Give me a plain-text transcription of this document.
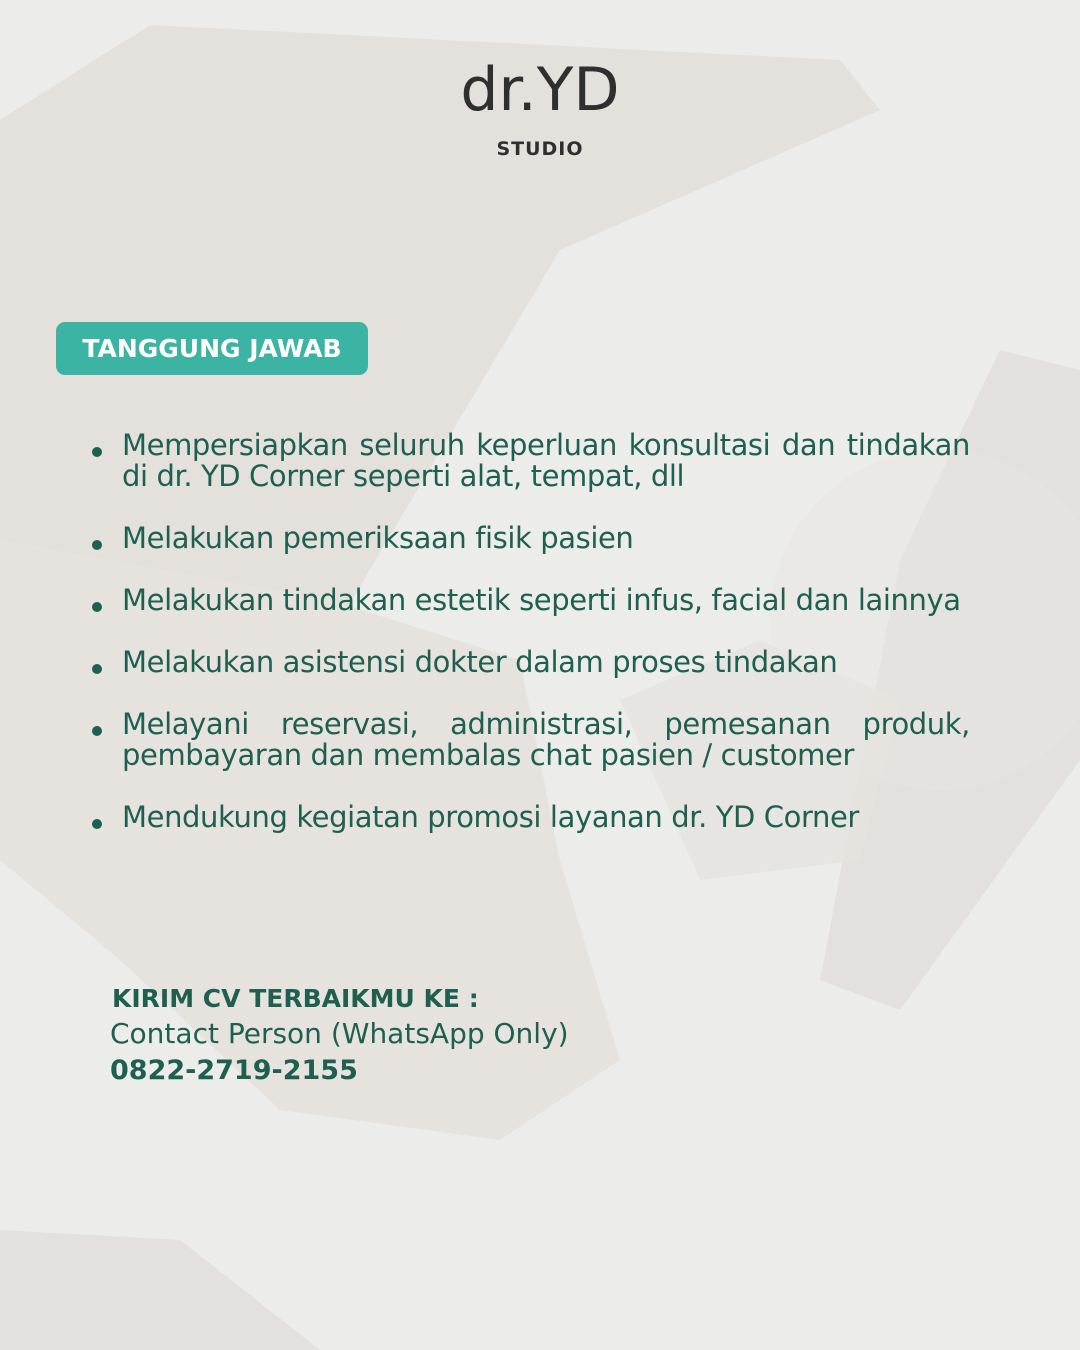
dr.YD
STUDIO
TANGGUNG JAWAB
Mempersiapkan seluruh keperluan konsultasi dan tindakan di dr. YD Corner seperti alat, tempat, dll
Melakukan pemeriksaan fisik pasien
Melakukan tindakan estetik seperti infus, facial dan lainnya
Melakukan asistensi dokter dalam proses tindakan
Melayani reservasi, administrasi, pemesanan produk, pembayaran dan membalas chat pasien / customer
Mendukung kegiatan promosi layanan dr. YD Corner
KIRIM CV TERBAIKMU KE :
Contact Person (WhatsApp Only)
0822-2719-2155
